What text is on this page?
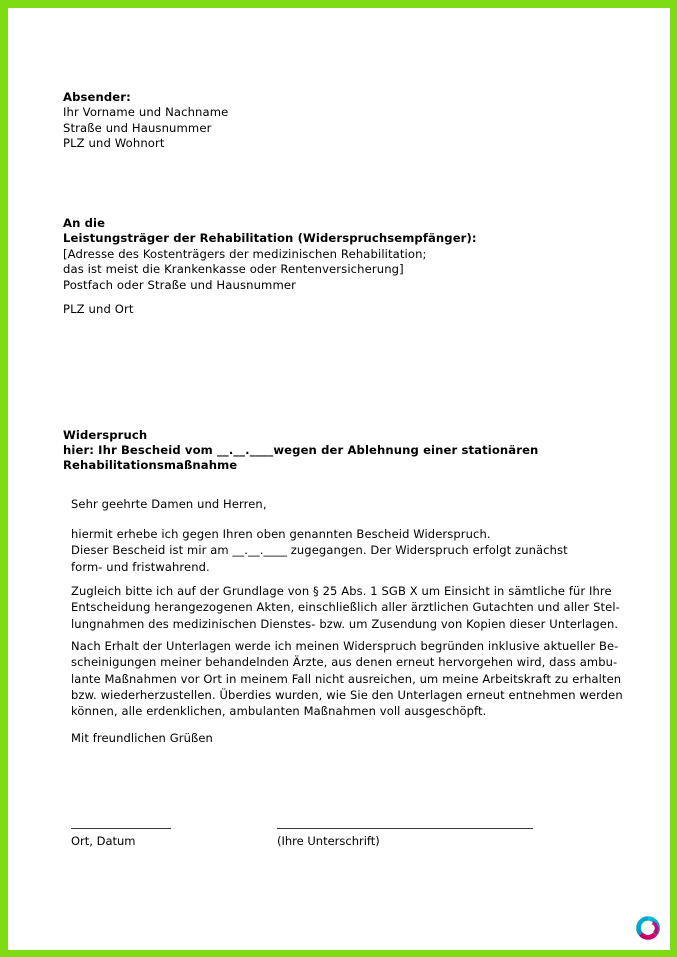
Absender:
Ihr Vorname und Nachname
Straße und Hausnummer
PLZ und Wohnort
An die
Leistungsträger der Rehabilitation (Widerspruchsempfänger):
[Adresse des Kostenträgers der medizinischen Rehabilitation;
das ist meist die Krankenkasse oder Rentenversicherung]
Postfach oder Straße und Hausnummer
PLZ und Ort
Widerspruch
hier: Ihr Bescheid vom __.__.____wegen der Ablehnung einer stationären
Rehabilitationsmaßnahme
Sehr geehrte Damen und Herren,
hiermit erhebe ich gegen Ihren oben genannten Bescheid Widerspruch.
Dieser Bescheid ist mir am __.__.____ zugegangen. Der Widerspruch erfolgt zunächst
form- und fristwahrend.
Zugleich bitte ich auf der Grundlage von § 25 Abs. 1 SGB X um Einsicht in sämtliche für Ihre
Entscheidung herangezogenen Akten, einschließlich aller ärztlichen Gutachten und aller Stel-
lungnahmen des medizinischen Dienstes- bzw. um Zusendung von Kopien dieser Unterlagen.
Nach Erhalt der Unterlagen werde ich meinen Widerspruch begründen inklusive aktueller Be-
scheinigungen meiner behandelnden Ärzte, aus denen erneut hervorgehen wird, dass ambu-
lante Maßnahmen vor Ort in meinem Fall nicht ausreichen, um meine Arbeitskraft zu erhalten
bzw. wiederherzustellen. Überdies wurden, wie Sie den Unterlagen erneut entnehmen werden
können, alle erdenklichen, ambulanten Maßnahmen voll ausgeschöpft.
Mit freundlichen Grüßen
Ort, Datum	(Ihre Unterschrift)
